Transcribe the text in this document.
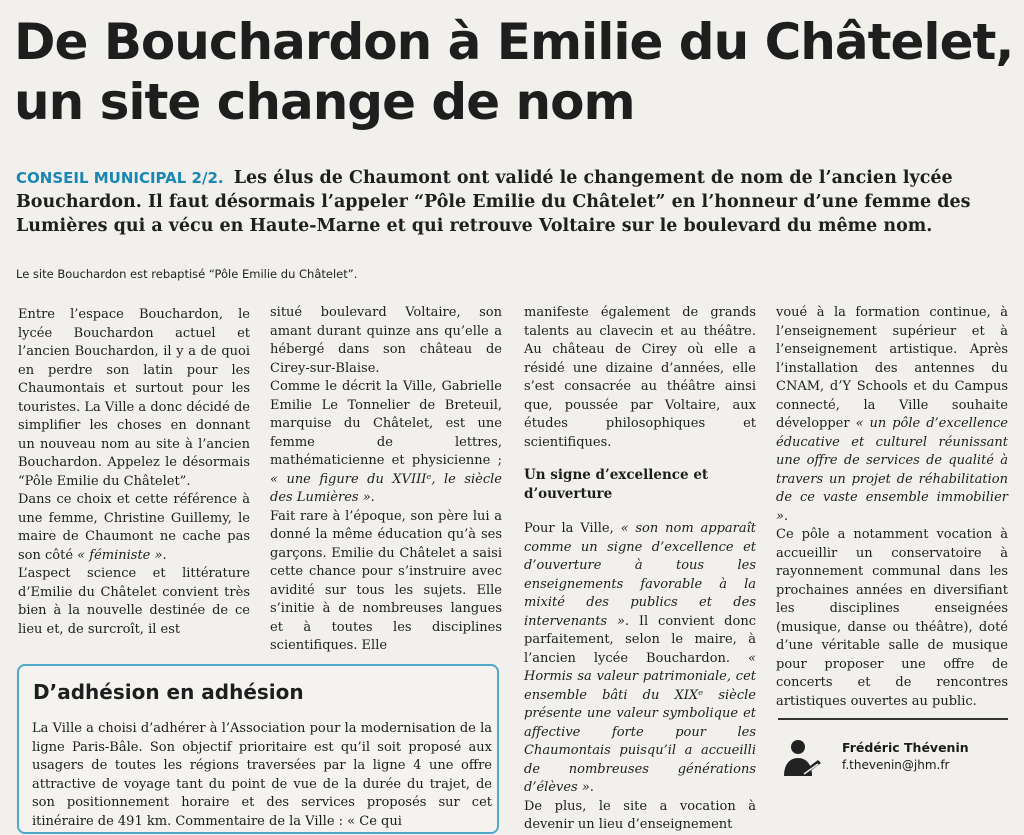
De Bouchardon à Emilie du Châtelet,
un site change de nom
CONSEIL MUNICIPAL 2/2. Les élus de Chaumont ont validé le changement de nom de l’ancien lycée Bouchardon. Il faut désormais l’appeler “Pôle Emilie du Châtelet” en l’honneur d’une femme des Lumières qui a vécu en Haute-Marne et qui retrouve Voltaire sur le boulevard du même nom.
Le site Bouchardon est rebaptisé “Pôle Emilie du Châtelet”.

Entre l’espace Bouchardon, le lycée Bouchardon actuel et l’ancien Bouchardon, il y a de quoi en perdre son latin pour les Chaumontais et surtout pour les touristes. La Ville a donc décidé de simplifier les choses en donnant un nouveau nom au site à l’ancien Bouchardon. Appelez le désormais “Pôle Emilie du Châtelet”.

Dans ce choix et cette référence à une femme, Christine Guillemy, le maire de Chaumont ne cache pas son côté « féministe ».

L’aspect science et littérature d’Emilie du Châtelet convient très bien à la nouvelle destinée de ce lieu et, de surcroît, il est

situé boulevard Voltaire, son amant durant quinze ans qu’elle a hébergé dans son château de Cirey-sur-Blaise.

Comme le décrit la Ville, Gabrielle Emilie Le Tonnelier de Breteuil, marquise du Châtelet, est une femme de lettres, mathématicienne et physicienne ; « une figure du XVIIIᵉ, le siècle des Lumières ».

Fait rare à l’époque, son père lui a donné la même éducation qu’à ses garçons. Emilie du Châtelet a saisi cette chance pour s’instruire avec avidité sur tous les sujets. Elle s’initie à de nombreuses langues et à toutes les disciplines scientifiques. Elle

manifeste également de grands talents au clavecin et au théâtre. Au château de Cirey où elle a résidé une dizaine d’années, elle s’est consacrée au théâtre ainsi que, poussée par Voltaire, aux études philosophiques et scientifiques.

Un signe d’excellence et d’ouverture

Pour la Ville, « son nom apparaît comme un signe d’excellence et d’ouverture à tous les enseignements favorable à la mixité des publics et des intervenants ». Il convient donc parfaitement, selon le maire, à l’ancien lycée Bouchardon. « Hormis sa valeur patrimoniale, cet ensemble bâti du XIXᵉ siècle présente une valeur symbolique et affective forte pour les Chaumontais puisqu’il a accueilli de nombreuses générations d’élèves ».

De plus, le site a vocation à devenir un lieu d’enseignement

voué à la formation continue, à l’enseignement supérieur et à l’enseignement artistique. Après l’installation des antennes du CNAM, d’Y Schools et du Campus connecté, la Ville souhaite développer « un pôle d’excellence éducative et culturel réunissant une offre de services de qualité à travers un projet de réhabilitation de ce vaste ensemble immobilier ».

Ce pôle a notamment vocation à accueillir un conservatoire à rayonnement communal dans les prochaines années en diversifiant les disciplines enseignées (musique, danse ou théâtre), doté d’une véritable salle de musique pour proposer une offre de concerts et de rencontres artistiques ouvertes au public.

D’adhésion en adhésion
La Ville a choisi d’adhérer à l’Association pour la modernisation de la ligne Paris-Bâle. Son objectif prioritaire est qu’il soit proposé aux usagers de toutes les régions traversées par la ligne 4 une offre attractive de voyage tant du point de vue de la durée du trajet, de son positionnement horaire et des services proposés sur cet itinéraire de 491 km. Commentaire de la Ville : « Ce qui
Frédéric Thévenin
f.thevenin@jhm.fr
